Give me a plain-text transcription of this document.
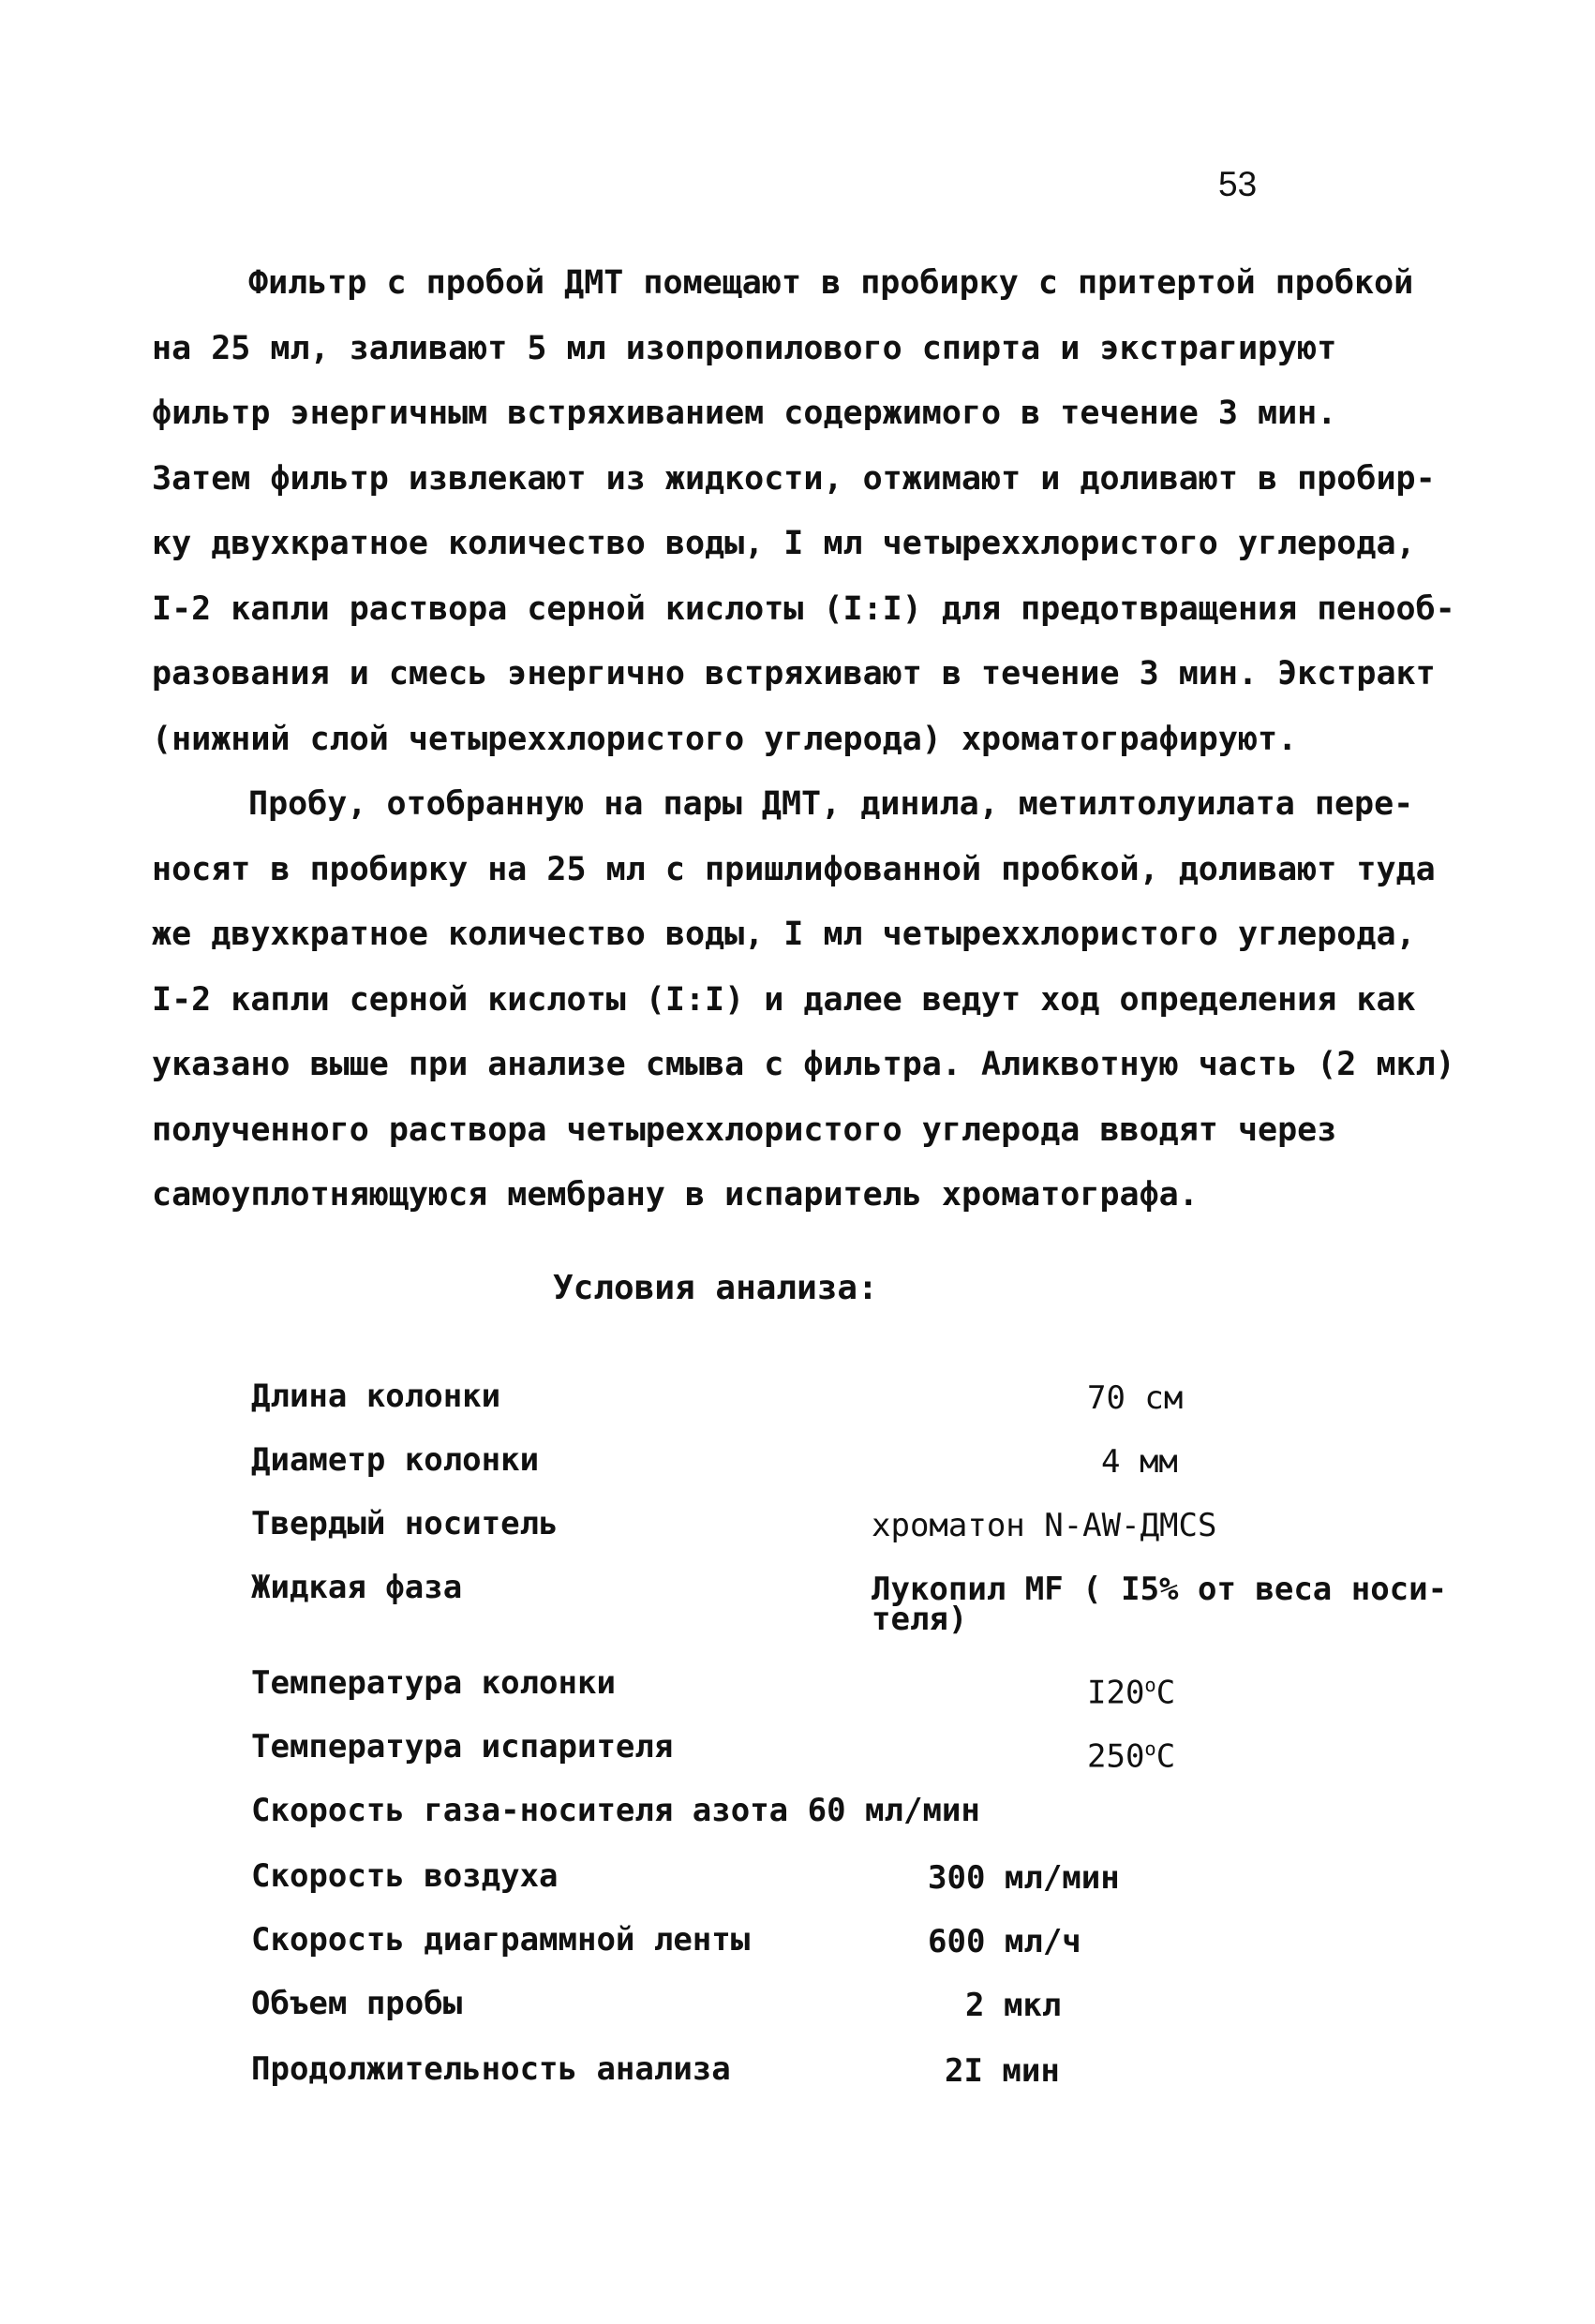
53

Фильтр с пробой ДМТ помещают в пробирку с притертой пробкой
на 25 мл, заливают 5 мл изопропилового спирта и экстрагируют
фильтр энергичным встряхиванием содержимого в течение 3 мин.
Затем фильтр извлекают из жидкости, отжимают и доливают в пробир-
ку двухкратное количество воды, I мл четыреххлористого углерода,
I-2 капли раствора серной кислоты (I:I) для предотвращения пенооб-
разования и смесь энергично встряхивают в течение 3 мин. Экстракт
(нижний слой четыреххлористого углерода) хроматографируют.

Пробу, отобранную на пары ДМТ, динила, метилтолуилата пере-
носят в пробирку на 25 мл с пришлифованной пробкой, доливают туда
же двухкратное количество воды, I мл четыреххлористого углерода,
I-2 капли серной кислоты (I:I) и далее ведут ход определения как
указано выше при анализе смыва с фильтра. Аликвотную часть (2 мкл)
полученного раствора четыреххлористого углерода вводят через
самоуплотняющуюся мембрану в испаритель хроматографа.

Условия анализа:
Длина колонки	70 см
Диаметр колонки	4 мм
Твердый носитель	хроматон N-AW-ДМСS
Жидкая фаза	Лукопил MF ( I5% от веса носи-
теля)
Температура колонки	I20$^o$C
Температура испарителя	250$^o$C
Скорость газа-носителя азота 60 мл/мин
Скорость воздуха	300 мл/мин
Скорость диаграммной ленты	600 мл/ч
Объем пробы	2 мкл
Продолжительность анализа	2I мин
